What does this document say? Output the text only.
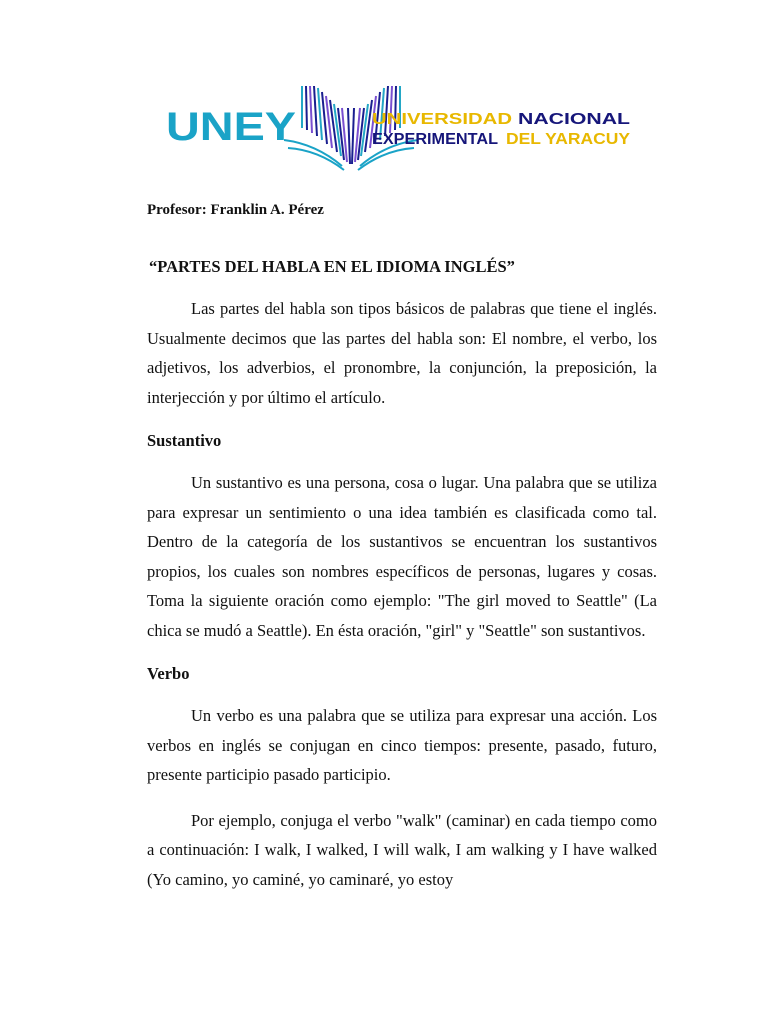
UNEY	UNIVERSIDAD NACIONAL
EXPERIMENTAL DEL YARACUY

Profesor: Franklin A. Pérez

“PARTES DEL HABLA EN EL IDIOMA INGLÉS”

Las partes del habla son tipos básicos de palabras que tiene el inglés. Usualmente decimos que las partes del habla son: El nombre, el verbo, los adjetivos, los adverbios, el pronombre, la conjunción, la preposición, la interjección y por último el artículo.

Sustantivo

Un sustantivo es una persona, cosa o lugar. Una palabra que se utiliza para expresar un sentimiento o una idea también es clasificada como tal. Dentro de la categoría de los sustantivos se encuentran los sustantivos propios, los cuales son nombres específicos de personas, lugares y cosas. Toma la siguiente oración como ejemplo: "The girl moved to Seattle" (La chica se mudó a Seattle). En ésta oración, "girl" y "Seattle" son sustantivos.

Verbo

Un verbo es una palabra que se utiliza para expresar una acción. Los verbos en inglés se conjugan en cinco tiempos: presente, pasado, futuro, presente participio pasado participio.

Por ejemplo, conjuga el verbo "walk" (caminar) en cada tiempo como a continuación: I walk, I walked, I will walk, I am walking y I have walked (Yo camino, yo caminé, yo caminaré, yo estoy
